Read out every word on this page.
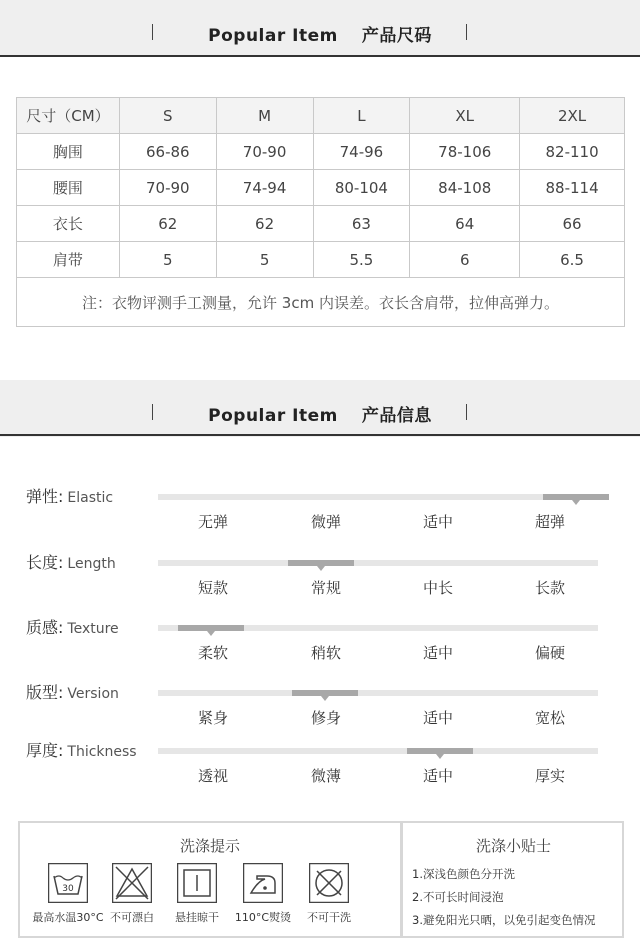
Popular Item 产品尺码
尺寸（CM）	S	M	L	XL	2XL
胸围	66-86	70-90	74-96	78-106	82-110
腰围	70-90	74-94	80-104	84-108	88-114
衣长	62	62	63	64	66
肩带	5	5	5.5	6	6.5
注：衣物评测手工测量，允许 3cm 内误差。衣长含肩带，拉伸高弹力。					
Popular Item 产品信息
弹性: Elastic
无弹	微弹	适中	超弹
长度: Length
短款	常规	中长	长款
质感: Texture
柔软	稍软	适中	偏硬
版型: Version
紧身	修身	适中	宽松
厚度: Thickness
透视	微薄	适中	厚实
洗涤提示	洗涤小贴士
30
最高水温30°C 不可漂白	悬挂晾干	110°C熨烫	不可干洗
1.深浅色颜色分开洗
2.不可长时间浸泡
3.避免阳光只晒，以免引起变色情况
